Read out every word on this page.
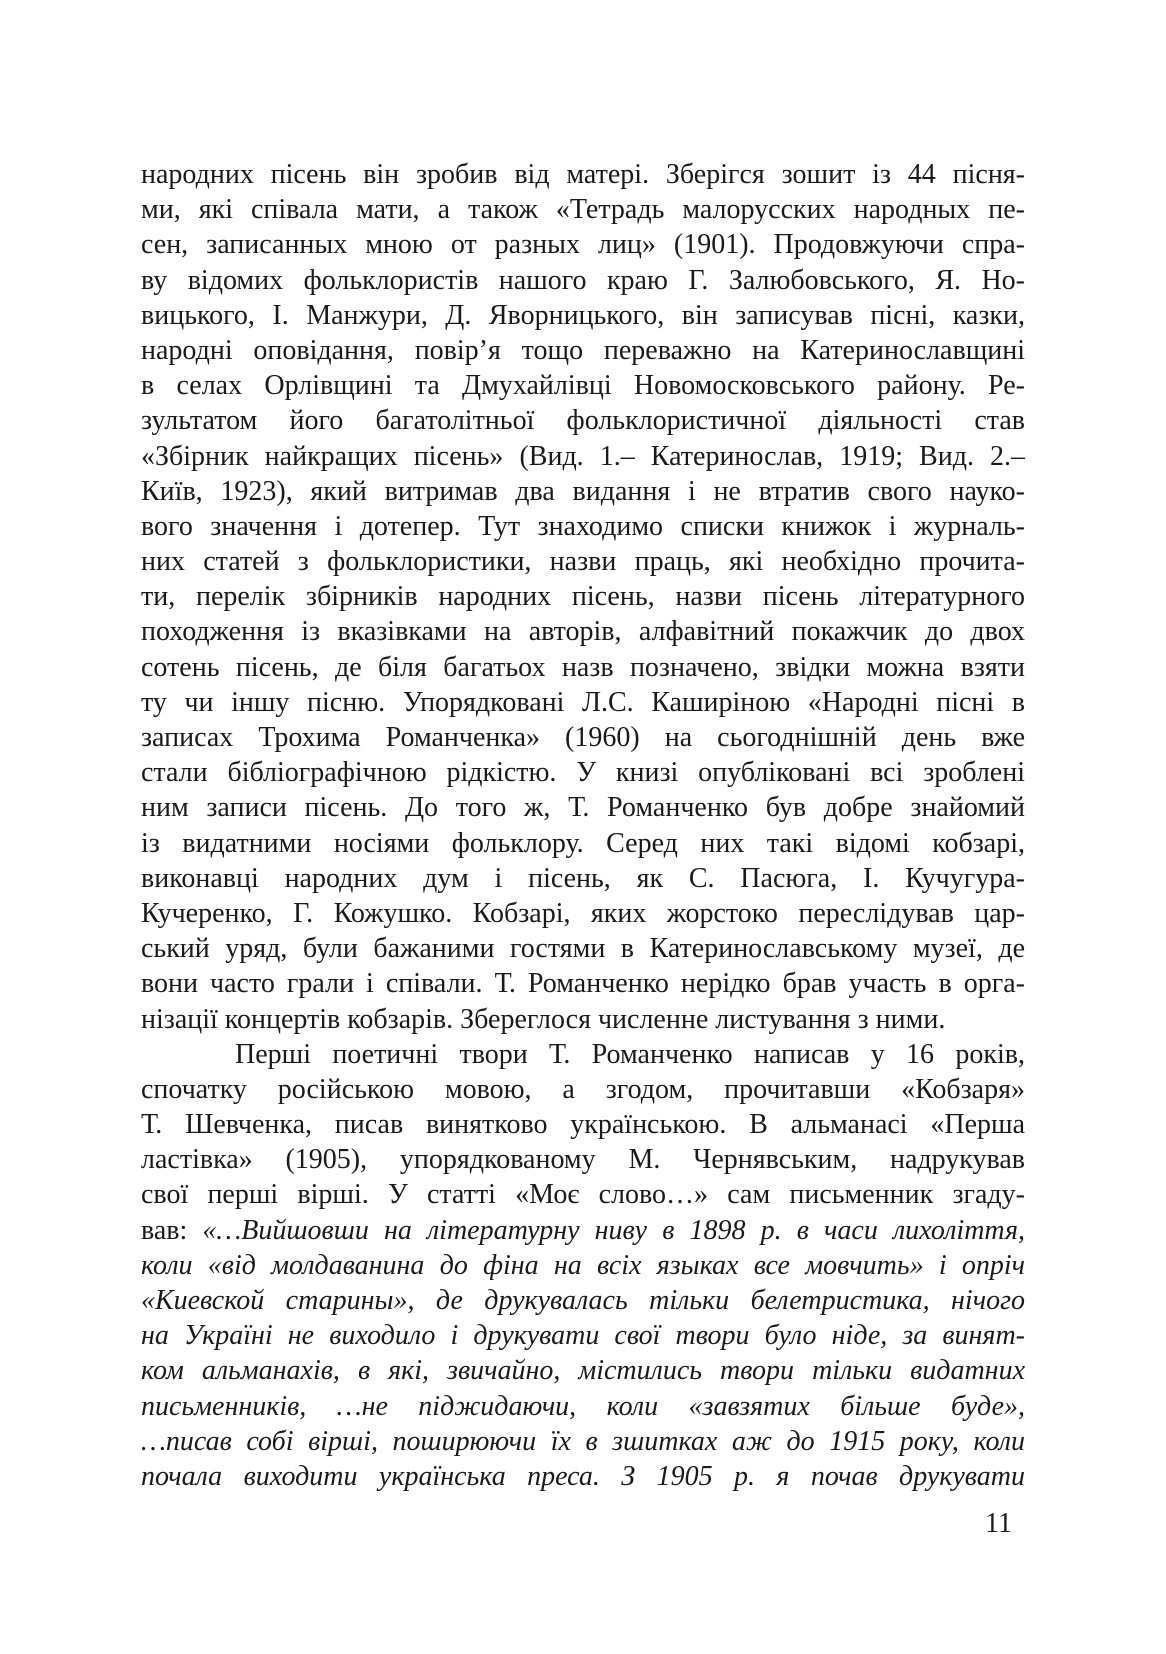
народних пісень він зробив від матері. Зберігся зошит із 44 пісня-
ми, які співала мати, а також «Тетрадь малорусских народных пе-
сен, записанных мною от разных лиц» (1901). Продовжуючи спра-
ву відомих фольклористів нашого краю Г. Залюбовського, Я. Но-
вицького, І. Манжури, Д. Яворницького, він записував пісні, казки,
народні оповідання, повір’я тощо переважно на Катеринославщині
в селах Орлівщині та Дмухайлівці Новомосковського району. Ре-
зультатом його багатолітньої фольклористичної діяльності став
«Збірник найкращих пісень» (Вид. 1.– Катеринослав, 1919; Вид. 2.–
Київ, 1923), який витримав два видання і не втратив свого науко-
вого значення і дотепер. Тут знаходимо списки книжок і журналь-
них статей з фольклористики, назви праць, які необхідно прочита-
ти, перелік збірників народних пісень, назви пісень літературного
походження із вказівками на авторів, алфавітний покажчик до двох
сотень пісень, де біля багатьох назв позначено, звідки можна взяти
ту чи іншу пісню. Упорядковані Л.С. Каширіною «Народні пісні в
записах Трохима Романченка» (1960) на сьогоднішній день вже
стали бібліографічною рідкістю. У книзі опубліковані всі зроблені
ним записи пісень. До того ж, Т. Романченко був добре знайомий
із видатними носіями фольклору. Серед них такі відомі кобзарі,
виконавці народних дум і пісень, як С. Пасюга, І. Кучугура-
Кучеренко, Г. Кожушко. Кобзарі, яких жорстоко переслідував цар-
ський уряд, були бажаними гостями в Катеринославському музеї, де
вони часто грали і співали. Т. Романченко нерідко брав участь в орга-
нізації концертів кобзарів. Збереглося численне листування з ними.
Перші поетичні твори Т. Романченко написав у 16 років,
спочатку російською мовою, а згодом, прочитавши «Кобзаря»
Т. Шевченка, писав винятково українською. В альманасі «Перша
ластівка» (1905), упорядкованому М. Чернявським, надрукував
свої перші вірші. У статті «Моє слово…» сам письменник згаду-
вав: «…Вийшовши на літературну ниву в 1898 р. в часи лихоліття,
коли «від молдаванина до фіна на всіх языках все мовчить» і опріч
«Киевской старины», де друкувалась тільки белетристика, нічого
на Україні не виходило і друкувати свої твори було ніде, за винят-
ком альманахів, в які, звичайно, містились твори тільки видатних
письменників, …не пiджидаючи, коли «завзятих більше буде»,
…писав собі вірші, поширюючи їх в зшитках аж до 1915 року, коли
почала виходити українська преса. З 1905 р. я почав друкувати
11
